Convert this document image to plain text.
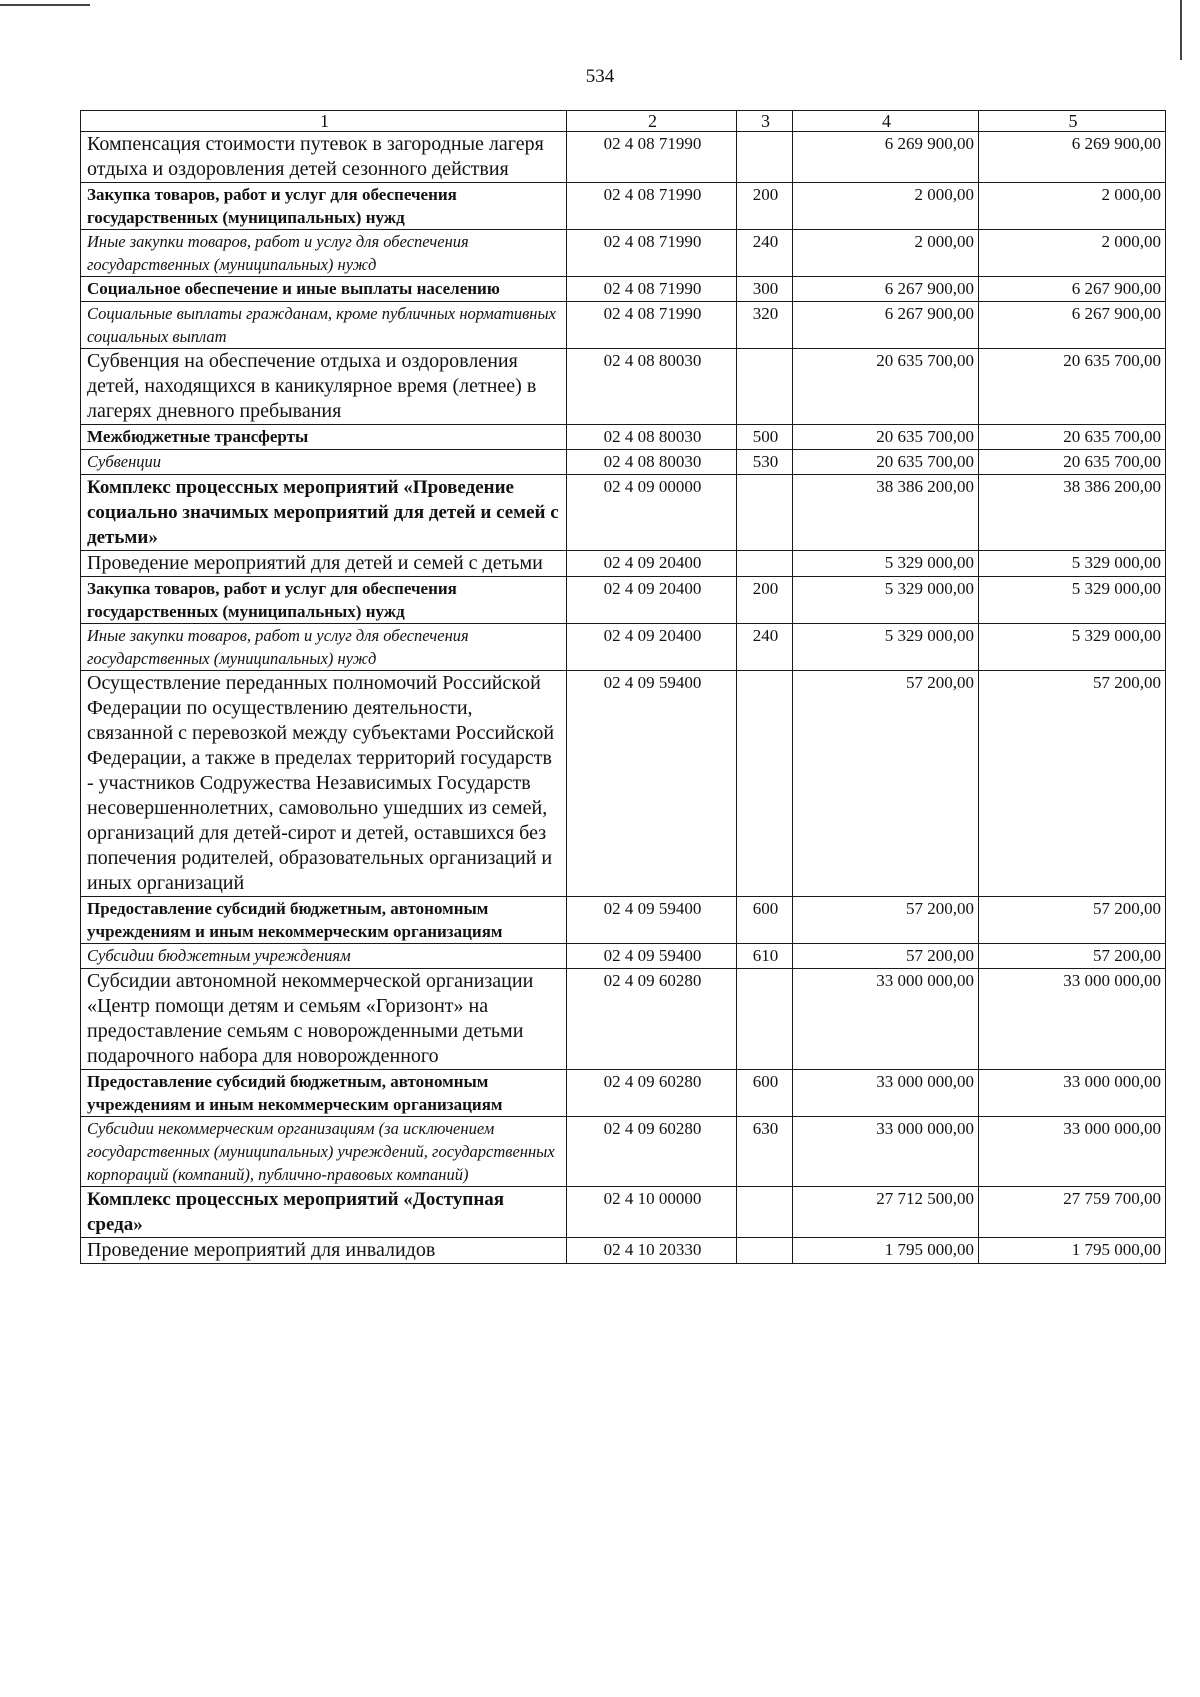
534
1	2	3	4	5
Компенсация стоимости путевок в загородные лагеря отдыха и оздоровления детей сезонного действия	02 4 08 71990		6 269 900,00	6 269 900,00
Закупка товаров, работ и услуг для обеспечения государственных (муниципальных) нужд	02 4 08 71990	200	2 000,00	2 000,00
Иные закупки товаров, работ и услуг для обеспечения государственных (муниципальных) нужд	02 4 08 71990	240	2 000,00	2 000,00
Социальное обеспечение и иные выплаты населению	02 4 08 71990	300	6 267 900,00	6 267 900,00
Социальные выплаты гражданам, кроме публичных нормативных социальных выплат	02 4 08 71990	320	6 267 900,00	6 267 900,00
Субвенция на обеспечение отдыха и оздоровления детей, находящихся в каникулярное время (летнее) в лагерях дневного пребывания	02 4 08 80030		20 635 700,00	20 635 700,00
Межбюджетные трансферты	02 4 08 80030	500	20 635 700,00	20 635 700,00
Субвенции	02 4 08 80030	530	20 635 700,00	20 635 700,00
Комплекс процессных мероприятий «Проведение социально значимых мероприятий для детей и семей с детьми»	02 4 09 00000		38 386 200,00	38 386 200,00
Проведение мероприятий для детей и семей с детьми	02 4 09 20400		5 329 000,00	5 329 000,00
Закупка товаров, работ и услуг для обеспечения государственных (муниципальных) нужд	02 4 09 20400	200	5 329 000,00	5 329 000,00
Иные закупки товаров, работ и услуг для обеспечения государственных (муниципальных) нужд	02 4 09 20400	240	5 329 000,00	5 329 000,00
Осуществление переданных полномочий Российской Федерации по осуществлению деятельности, связанной с перевозкой между субъектами Российской Федерации, а также в пределах территорий государств - участников Содружества Независимых Государств несовершеннолетних, самовольно ушедших из семей, организаций для детей-сирот и детей, оставшихся без попечения родителей, образовательных организаций и иных организаций	02 4 09 59400		57 200,00	57 200,00
Предоставление субсидий бюджетным, автономным учреждениям и иным некоммерческим организациям	02 4 09 59400	600	57 200,00	57 200,00
Субсидии бюджетным учреждениям	02 4 09 59400	610	57 200,00	57 200,00
Субсидии автономной некоммерческой организации «Центр помощи детям и семьям «Горизонт» на предоставление семьям с новорожденными детьми подарочного набора для новорожденного	02 4 09 60280		33 000 000,00	33 000 000,00
Предоставление субсидий бюджетным, автономным учреждениям и иным некоммерческим организациям	02 4 09 60280	600	33 000 000,00	33 000 000,00
Субсидии некоммерческим организациям (за исключением государственных (муниципальных) учреждений, государственных корпораций (компаний), публично-правовых компаний)	02 4 09 60280	630	33 000 000,00	33 000 000,00
Комплекс процессных мероприятий «Доступная среда»	02 4 10 00000		27 712 500,00	27 759 700,00
Проведение мероприятий для инвалидов	02 4 10 20330		1 795 000,00	1 795 000,00
